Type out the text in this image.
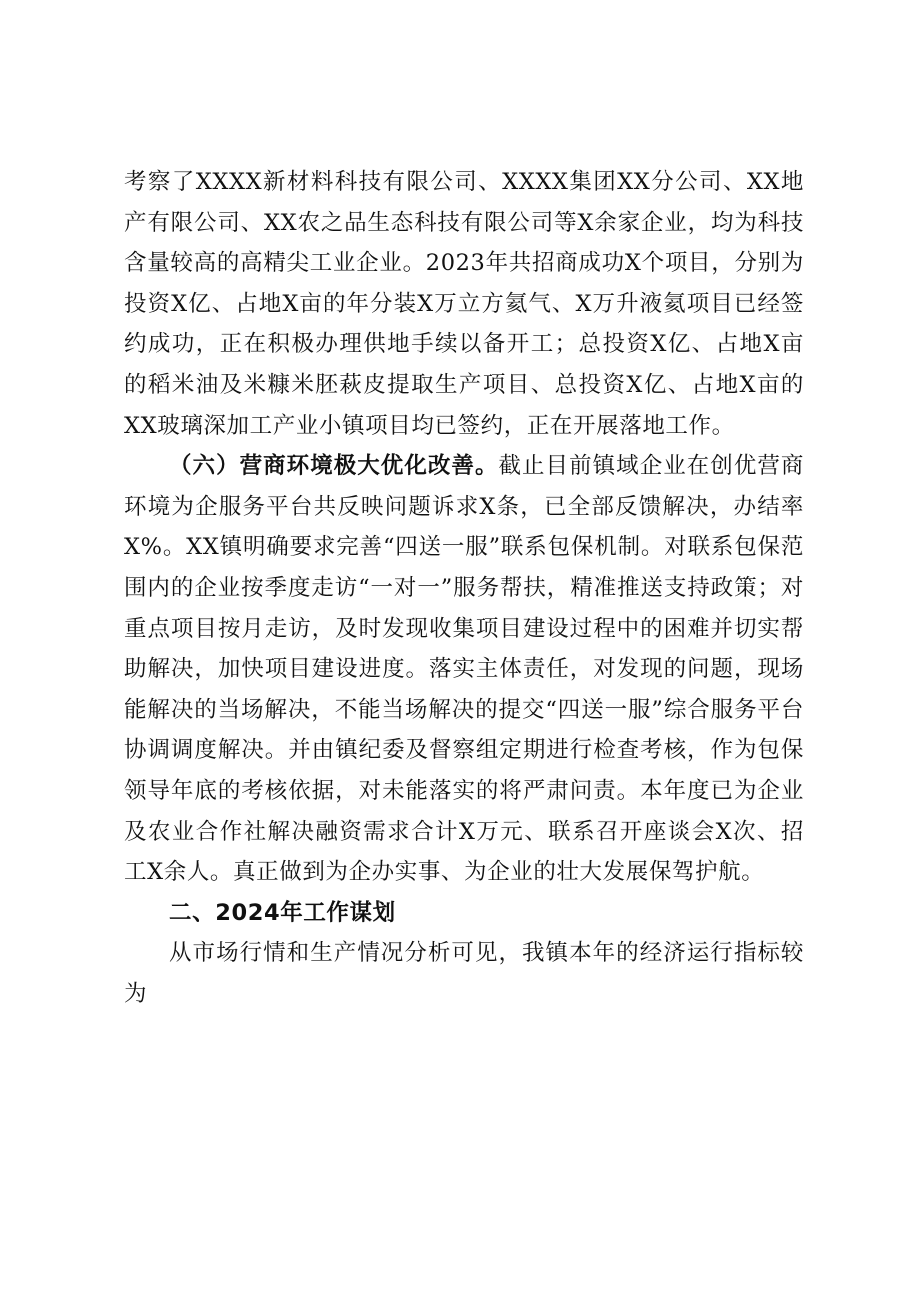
考察了XXXX新材料科技有限公司、XXXX集团XX分公司、XX地产有限公司、XX农之品生态科技有限公司等X余家企业，均为科技含量较高的高精尖工业企业。2023年共招商成功X个项目，分别为投资X亿、占地X亩的年分装X万立方氦气、X万升液氦项目已经签约成功，正在积极办理供地手续以备开工；总投资X亿、占地X亩的稻米油及米糠米胚萩皮提取生产项目、总投资X亿、占地X亩的XX玻璃深加工产业小镇项目均已签约，正在开展落地工作。

（六）营商环境极大优化改善。截止目前镇域企业在创优营商环境为企服务平台共反映问题诉求X条，已全部反馈解决，办结率X%。XX镇明确要求完善“四送一服”联系包保机制。对联系包保范围内的企业按季度走访“一对一”服务帮扶，精准推送支持政策；对重点项目按月走访，及时发现收集项目建设过程中的困难并切实帮助解决，加快项目建设进度。落实主体责任，对发现的问题，现场能解决的当场解决，不能当场解决的提交“四送一服”综合服务平台协调调度解决。并由镇纪委及督察组定期进行检查考核，作为包保领导年底的考核依据，对未能落实的将严肃问责。本年度已为企业及农业合作社解决融资需求合计X万元、联系召开座谈会X次、招工X余人。真正做到为企办实事、为企业的壮大发展保驾护航。

二、2024年工作谋划

从市场行情和生产情况分析可见，我镇本年的经济运行指标较为
